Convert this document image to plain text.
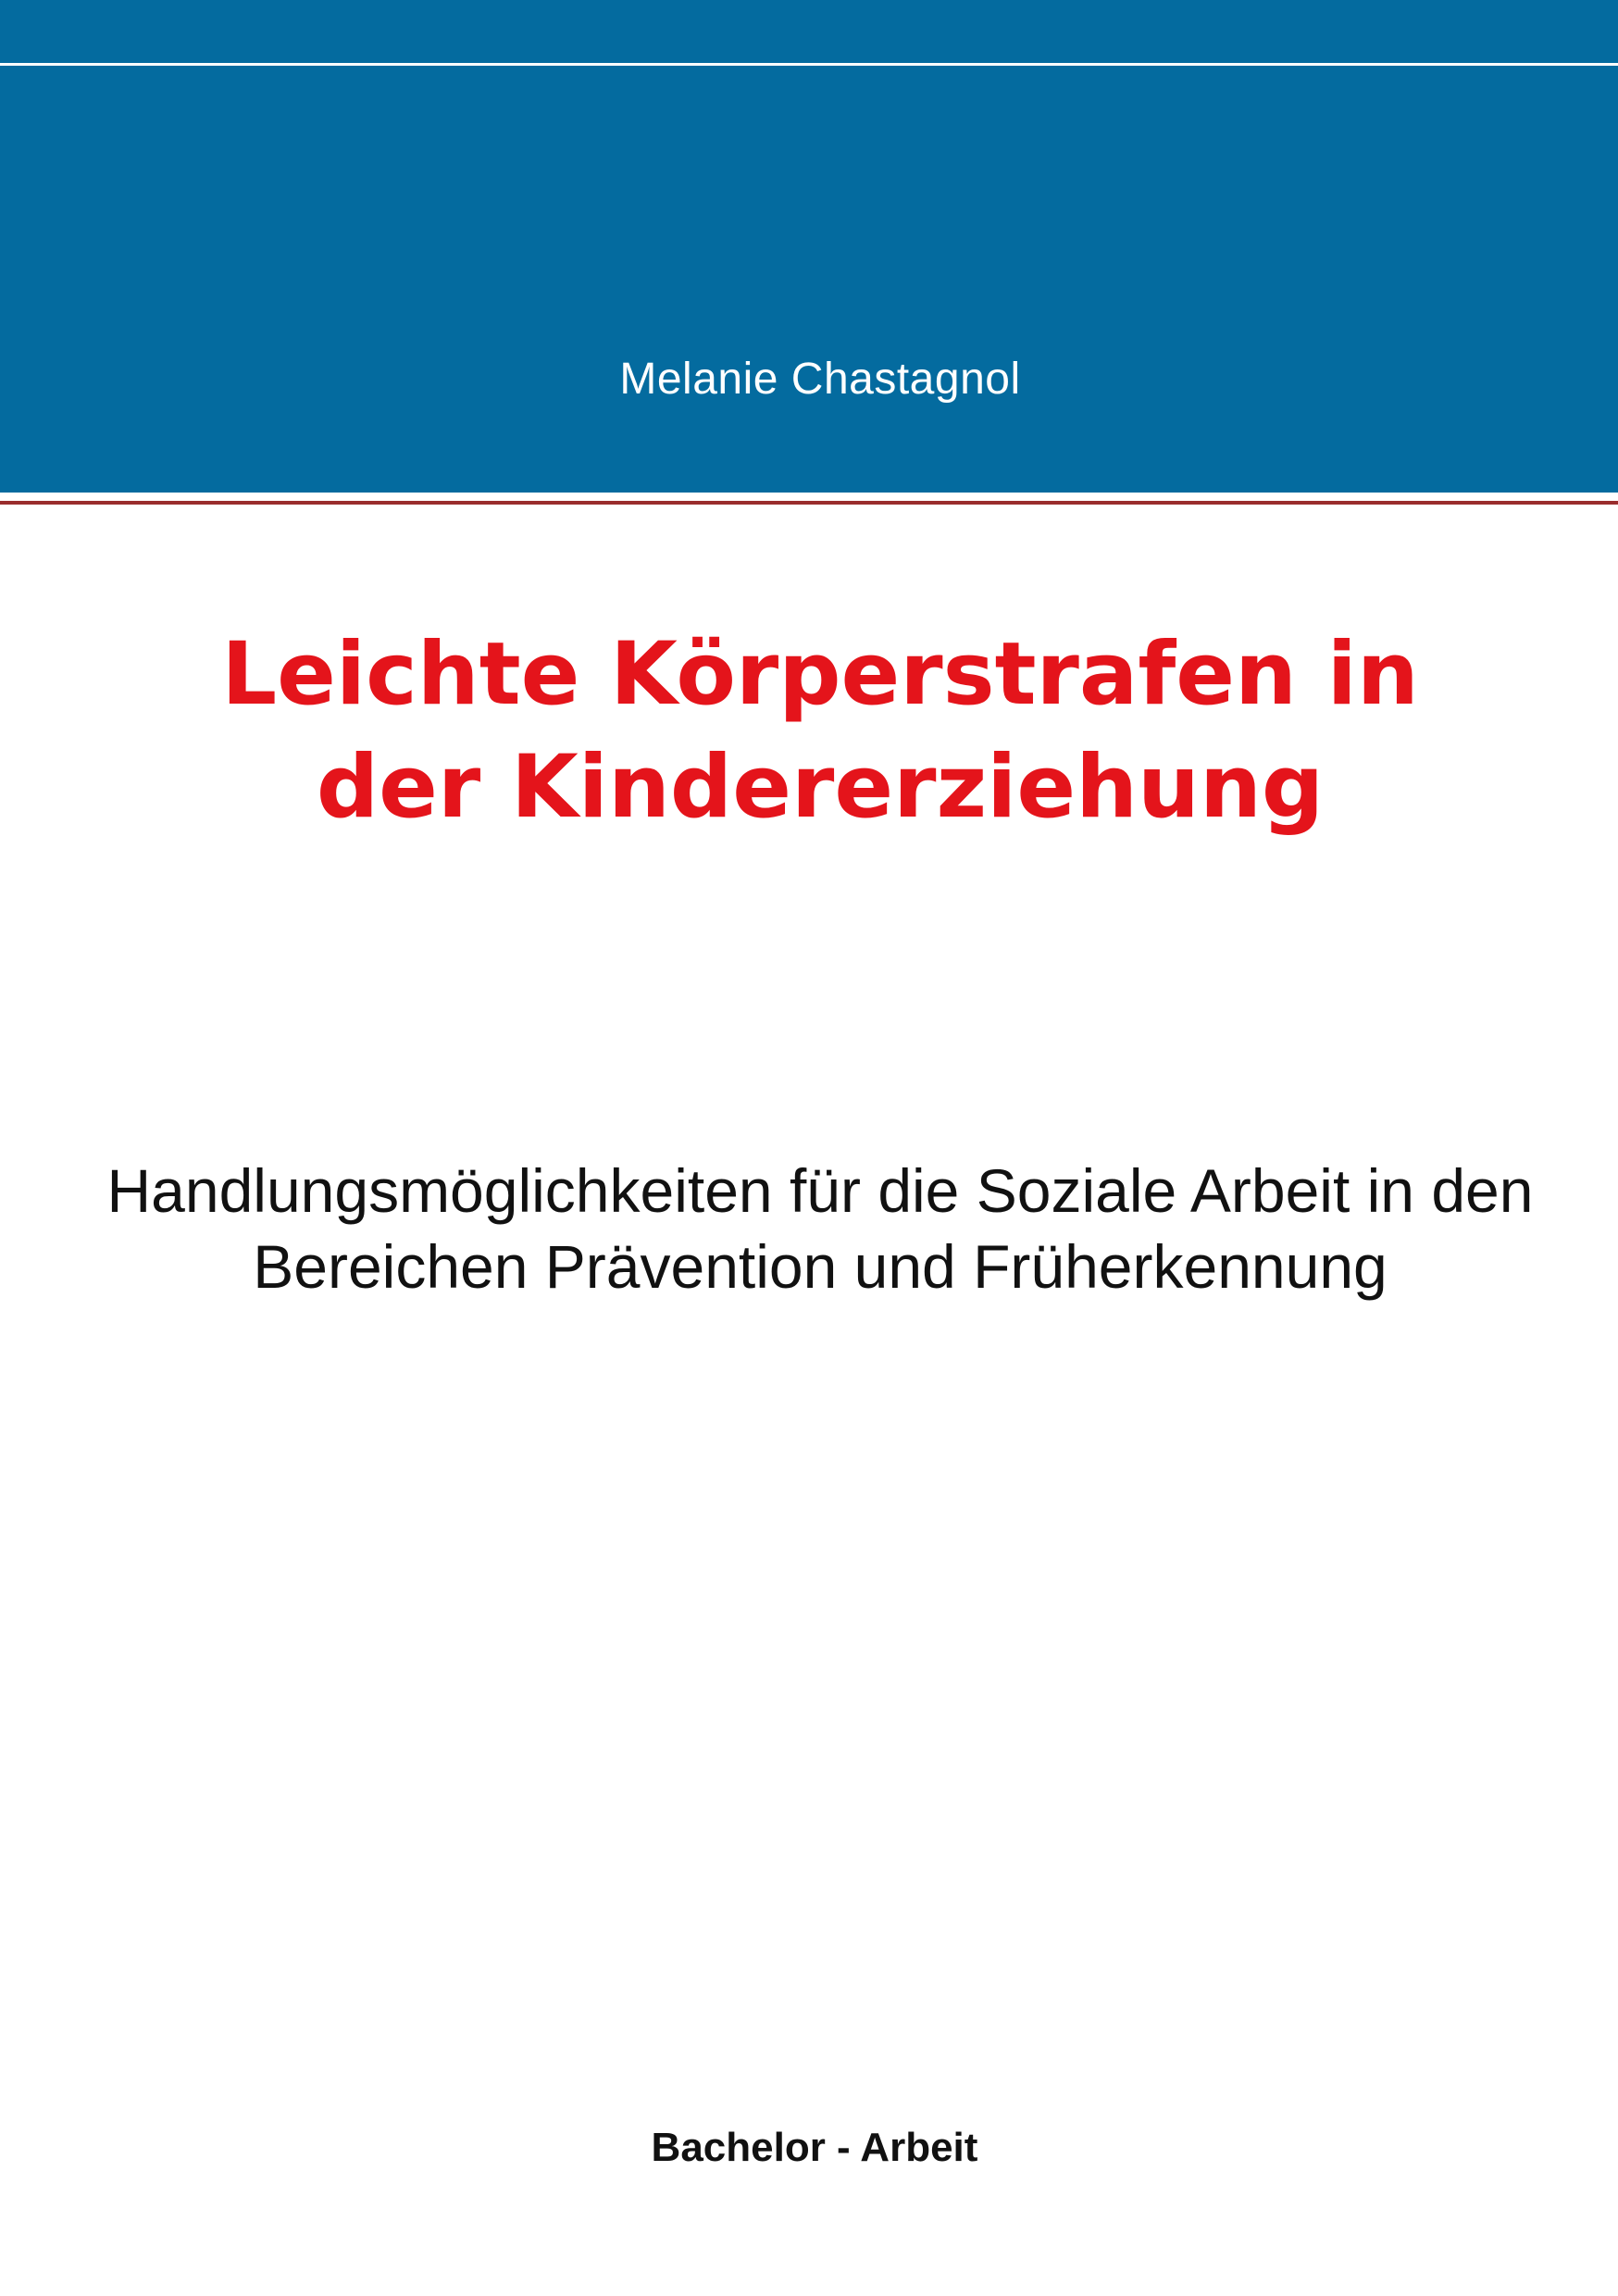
Melanie Chastagnol
Leichte Körperstrafen in der Kindererziehung

Handlungsmöglichkeiten für die Soziale Arbeit in den Bereichen Prävention und Früherkennung

Bachelor - Arbeit
